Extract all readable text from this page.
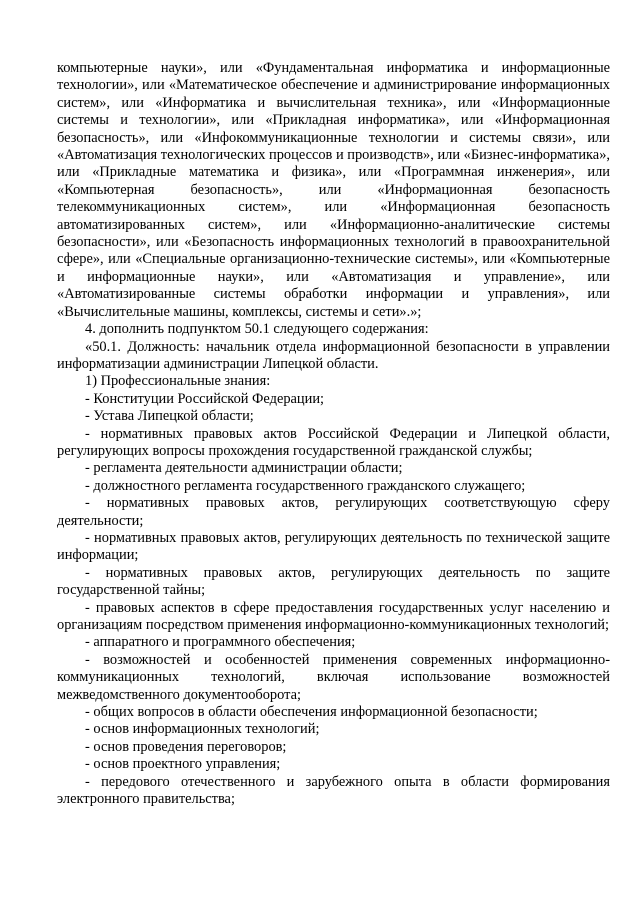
компьютерные науки», или «Фундаментальная информатика и информационные технологии», или «Математическое обеспечение и администрирование информационных систем», или «Информатика и вычислительная техника», или «Информационные системы и технологии», или «Прикладная информатика», или «Информационная безопасность», или «Инфокоммуникационные технологии и системы связи», или «Автоматизация технологических процессов и производств», или «Бизнес-информатика», или «Прикладные математика и физика», или «Программная инженерия», или «Компьютерная безопасность», или «Информационная безопасность телекоммуникационных систем», или «Информационная безопасность автоматизированных систем», или «Информационно-аналитические системы безопасности», или «Безопасность информационных технологий в правоохранительной сфере», или «Специальные организационно-технические системы», или «Компьютерные и информационные науки», или «Автоматизация и управление», или «Автоматизированные системы обработки информации и управления», или «Вычислительные машины, комплексы, системы и сети».»;

4. дополнить подпунктом 50.1 следующего содержания:

«50.1. Должность: начальник отдела информационной безопасности в управлении информатизации администрации Липецкой области.

1) Профессиональные знания:

- Конституции Российской Федерации;

- Устава Липецкой области;

- нормативных правовых актов Российской Федерации и Липецкой области, регулирующих вопросы прохождения государственной гражданской службы;

- регламента деятельности администрации области;

- должностного регламента государственного гражданского служащего;

- нормативных правовых актов, регулирующих соответствующую сферу деятельности;

- нормативных правовых актов, регулирующих деятельность по технической защите информации;

- нормативных правовых актов, регулирующих деятельность по защите государственной тайны;

- правовых аспектов в сфере предоставления государственных услуг населению и организациям посредством применения информационно-коммуникационных технологий;

- аппаратного и программного обеспечения;

- возможностей и особенностей применения современных информационно-коммуникационных технологий, включая использование возможностей межведомственного документооборота;

- общих вопросов в области обеспечения информационной безопасности;

- основ информационных технологий;

- основ проведения переговоров;

- основ проектного управления;

- передового отечественного и зарубежного опыта в области формирования электронного правительства;
